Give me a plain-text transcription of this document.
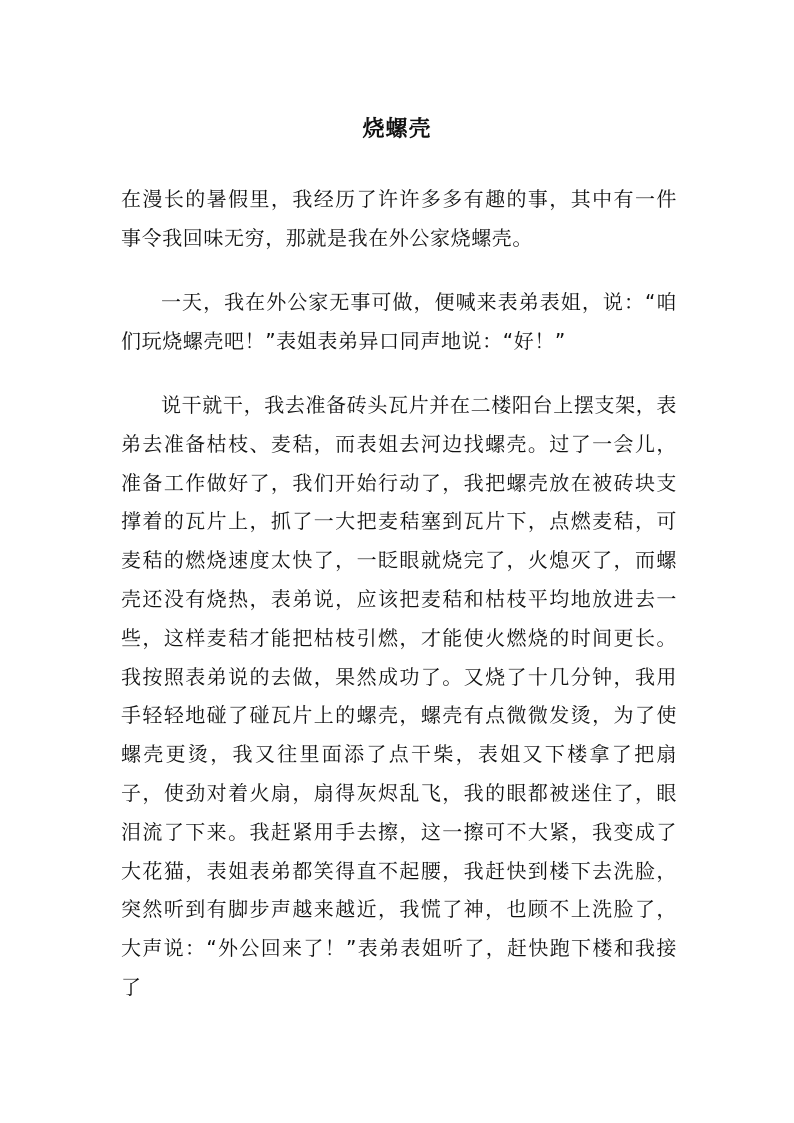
烧螺壳
在漫长的暑假里，我经历了许许多多有趣的事，其中有一件事令我回味无穷，那就是我在外公家烧螺壳。
一天，我在外公家无事可做，便喊来表弟表姐，说：“咱们玩烧螺壳吧！”表姐表弟异口同声地说：“好！”
说干就干，我去准备砖头瓦片并在二楼阳台上摆支架，表弟去准备枯枝、麦秸，而表姐去河边找螺壳。过了一会儿，准备工作做好了，我们开始行动了，我把螺壳放在被砖块支撑着的瓦片上，抓了一大把麦秸塞到瓦片下，点燃麦秸，可麦秸的燃烧速度太快了，一眨眼就烧完了，火熄灭了，而螺壳还没有烧热，表弟说，应该把麦秸和枯枝平均地放进去一些，这样麦秸才能把枯枝引燃，才能使火燃烧的时间更长。我按照表弟说的去做，果然成功了。又烧了十几分钟，我用手轻轻地碰了碰瓦片上的螺壳，螺壳有点微微发烫，为了使螺壳更烫，我又往里面添了点干柴，表姐又下楼拿了把扇子，使劲对着火扇，扇得灰烬乱飞，我的眼都被迷住了，眼泪流了下来。我赶紧用手去擦，这一擦可不大紧，我变成了大花猫，表姐表弟都笑得直不起腰，我赶快到楼下去洗脸，突然听到有脚步声越来越近，我慌了神，也顾不上洗脸了，大声说：“外公回来了！”表弟表姐听了，赶快跑下楼和我接了
